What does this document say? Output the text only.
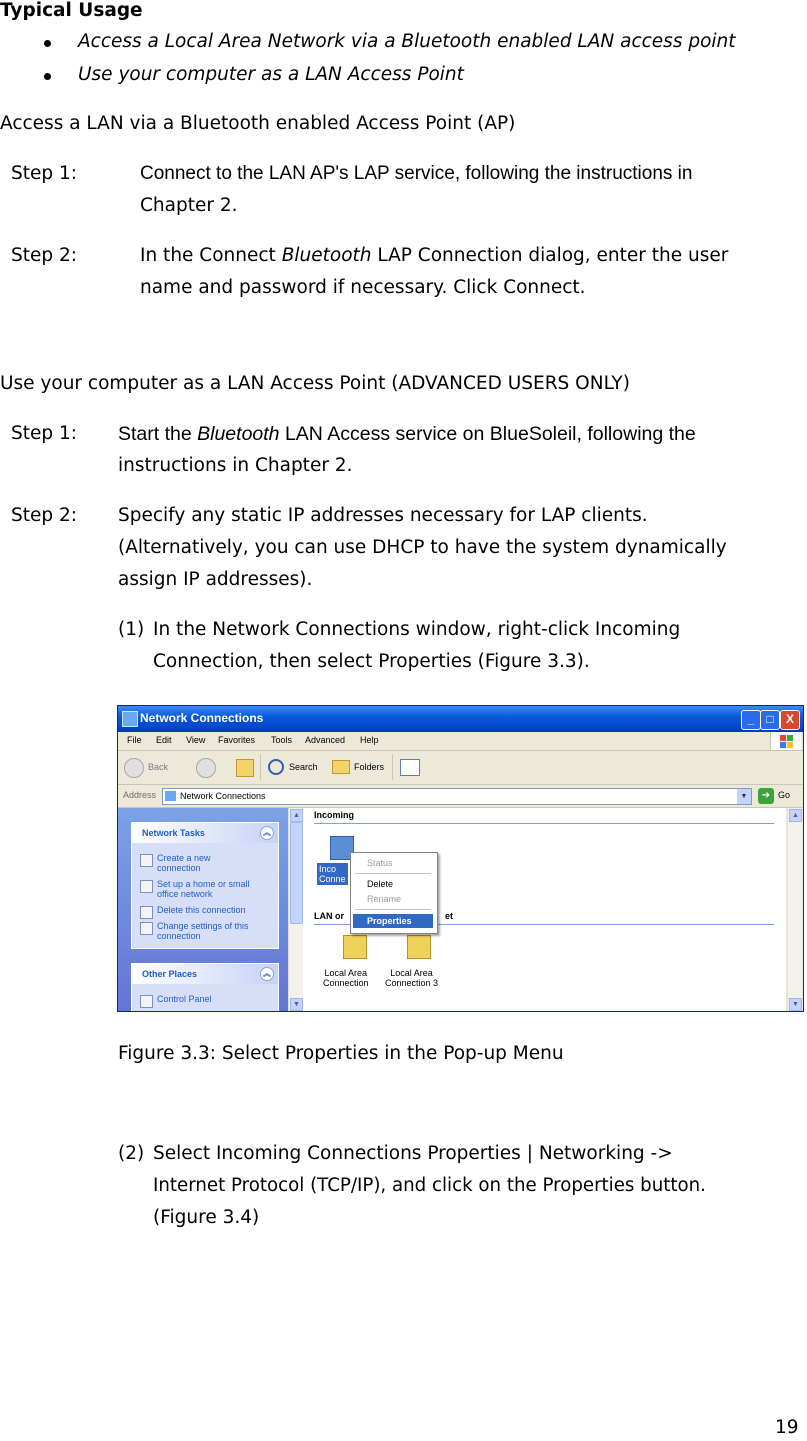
Typical Usage
Access a Local Area Network via a Bluetooth enabled LAN access point
Use your computer as a LAN Access Point
Access a LAN via a Bluetooth enabled Access Point (AP)
Step 1:	Connect to the LAN AP's LAP service, following the instructions in
Chapter 2.
Step 2:	In the Connect Bluetooth LAP Connection dialog, enter the user
name and password if necessary. Click Connect.
Use your computer as a LAN Access Point (ADVANCED USERS ONLY)
Step 1: Start the Bluetooth LAN Access service on BlueSoleil, following the
instructions in Chapter 2.
Step 2: Specify any static IP addresses necessary for LAP clients.
(Alternatively, you can use DHCP to have the system dynamically
assign IP addresses).
(1) In the Network Connections window, right-click Incoming
Connection, then select Properties (Figure 3.3).
Network Connections	_	□	X
File Edit View Favorites Tools Advanced Help
Back	Search	Folders
Address	Network Connections	▼	➔ Go
Network Tasks	︽
Create a new
connection
Set up a home or small
office network
Delete this connection
Change settings of this
connection
Other Places	︽
Control Panel
▲
▼
Incoming
Inco
Conne
LAN or	et
Local Area
Connection
Local Area
Connection 3
Status
Delete
Rename
Properties
▲
▼
Figure 3.3: Select Properties in the Pop-up Menu
(2) Select Incoming Connections Properties | Networking ->
Internet Protocol (TCP/IP), and click on the Properties button.
(Figure 3.4)
19
